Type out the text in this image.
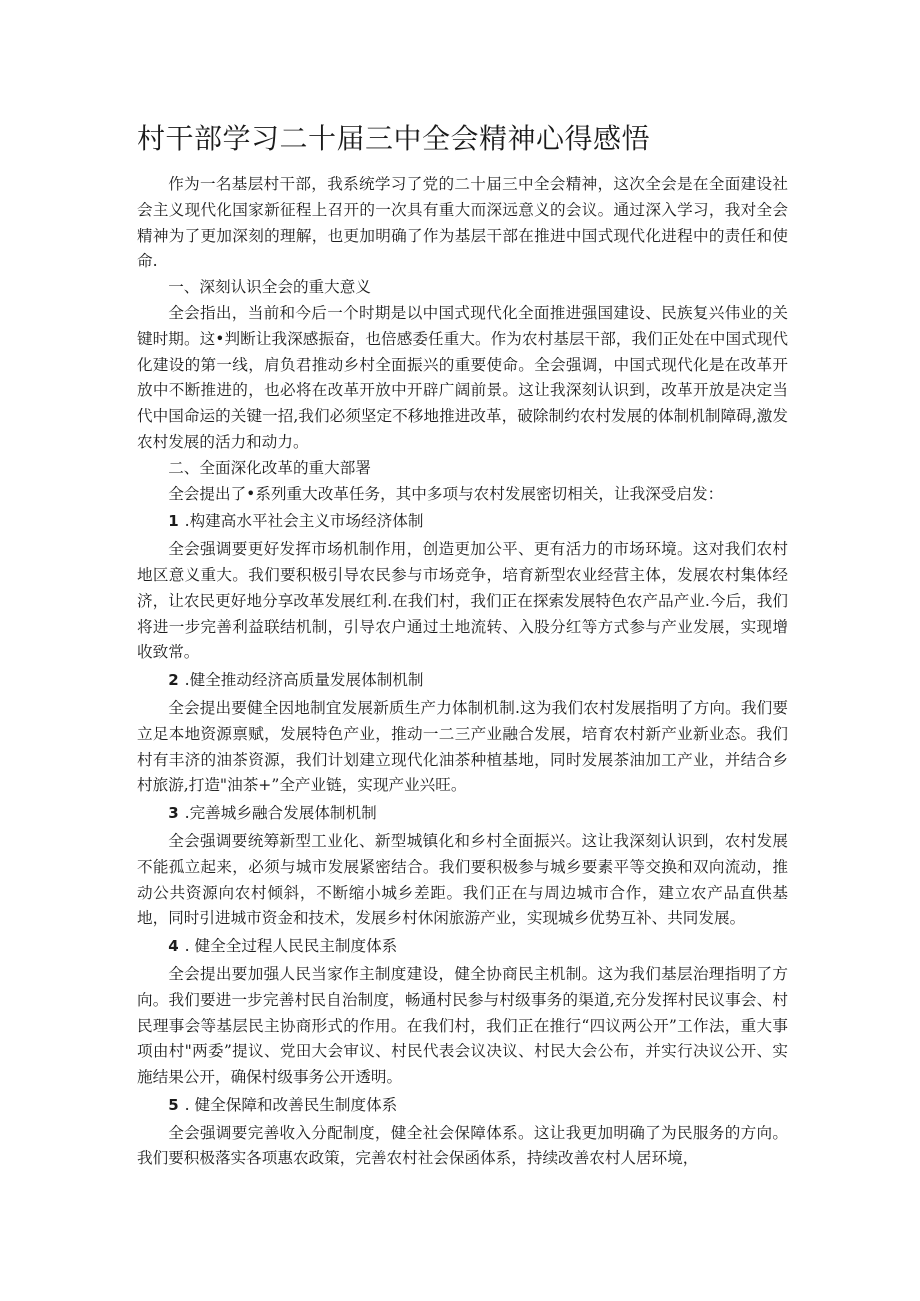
村干部学习二十届三中全会精神心得感悟

作为一名基层村干部，我系统学习了党的二十届三中全会精神，这次全会是在全面建设社会主义现代化国家新征程上召开的一次具有重大而深远意义的会议。通过深入学习，我对全会精神为了更加深刻的理解，也更加明确了作为基层干部在推进中国式现代化进程中的责任和使命.

一、深刻认识全会的重大意义

全会指出，当前和今后一个时期是以中国式现代化全面推进强国建设、民族复兴伟业的关键时期。这•判断让我深感振奋，也倍感委任重大。作为农村基层干部，我们正处在中国式现代化建设的第一线，肩负君推动乡村全面振兴的重要使命。全会强调，中国式现代化是在改革开放中不断推进的，也必将在改革开放中开辟广阔前景。这让我深刻认识到，改革开放是决定当代中国命运的关键一招,我们必须坚定不移地推进改革，破除制约农村发展的体制机制障碍,激发农村发展的活力和动力。

二、全面深化改革的重大部署

全会提出了•系列重大改革任务，其中多项与农村发展密切相关，让我深受启发：

1 .构建高水平社会主义市场经济体制

全会强调要更好发挥市场机制作用，创造更加公平、更有活力的市场环境。这对我们农村地区意义重大。我们要积极引导农民参与市场竞争，培育新型农业经营主体，发展农村集体经济，让农民更好地分享改革发展红利.在我们村，我们正在探索发展特色农产品产业.今后，我们将进一步完善利益联结机制，引导农户通过土地流转、入股分红等方式参与产业发展，实现增收致常。

2 .健全推动经济高质量发展体制机制

全会提出要健全因地制宜发展新质生产力体制机制.这为我们农村发展指明了方向。我们要立足本地资源禀赋，发展特色产业，推动一二三产业融合发展，培育农村新产业新业态。我们村有丰济的油茶资源，我们计划建立现代化油茶种植基地，同时发展茶油加工产业，并结合乡村旅游,打造"油茶+”全产业链，实现产业兴旺。

3 .完善城乡融合发展体制机制

全会强调要统筹新型工业化、新型城镇化和乡村全面振兴。这让我深刻认识到，农村发展不能孤立起来，必须与城市发展紧密结合。我们要积极参与城乡要素平等交换和双向流动，推动公共资源向农村倾斜，不断缩小城乡差距。我们正在与周边城市合作，建立农产品直供基地，同时引进城市资金和技术，发展乡村休闲旅游产业，实现城乡优势互补、共同发展。

4 . 健全全过程人民民主制度体系

全会提出要加强人民当家作主制度建设，健全协商民主机制。这为我们基层治理指明了方向。我们要进一步完善村民自治制度，畅通村民参与村级事务的渠道,充分发挥村民议事会、村民理事会等基层民主协商形式的作用。在我们村，我们正在推行“四议两公开”工作法，重大事项由村"两委”提议、党田大会审议、村民代表会议决议、村民大会公布，并实行决议公开、实施结果公开，确保村级事务公开透明。

5 . 健全保障和改善民生制度体系

全会强调要完善收入分配制度，健全社会保障体系。这让我更加明确了为民服务的方向。我们要积极落实各项惠农政策，完善农村社会保函体系，持续改善农村人居环境，
